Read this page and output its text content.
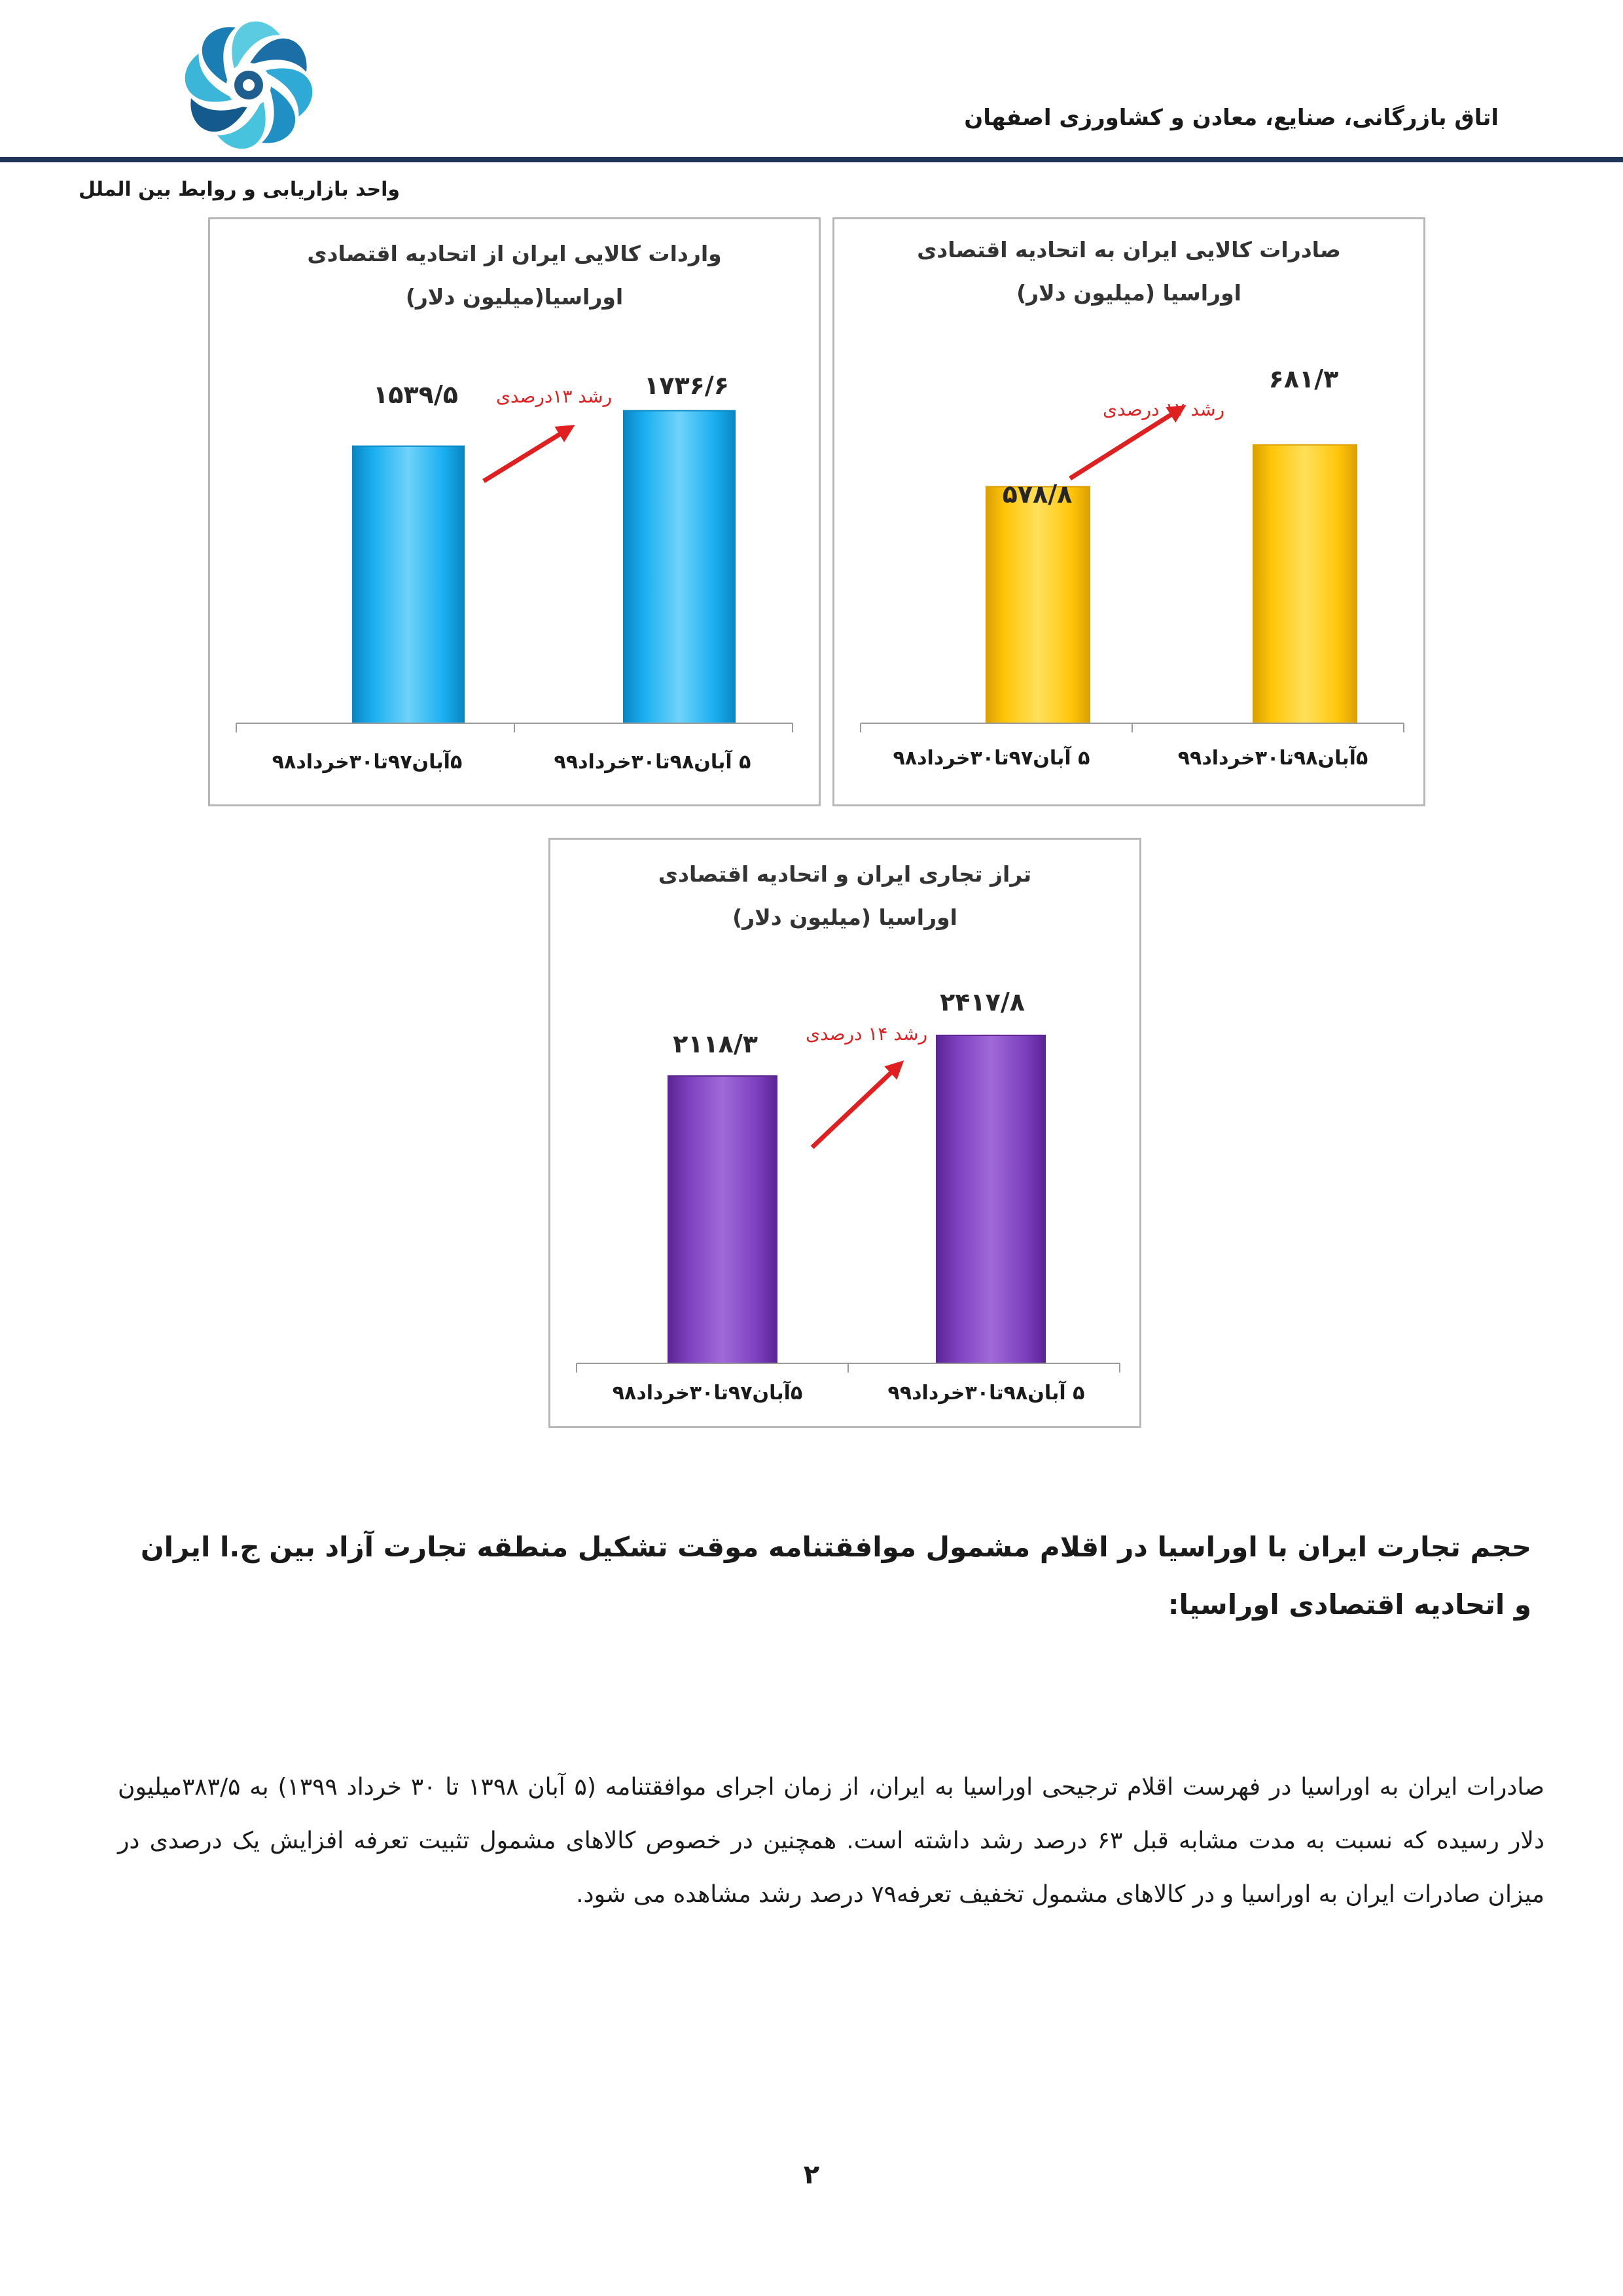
اتاق بازرگانی، صنایع، معادن و کشاورزی اصفهان
واحد بازاریابی و روابط بین الملل
واردات کالایی ایران از اتحادیه اقتصادی
اوراسیا(میلیون دلار)
۱۵۳۹/۵	۱۷۳۶/۶
رشد ۱۳درصدی
۵آبان۹۷تا۳۰خرداد۹۸	۵ آبان۹۸تا۳۰خرداد۹۹
صادرات کالایی ایران به اتحادیه اقتصادی
اوراسیا (میلیون دلار)
۵۷۸/۸
۶۸۱/۳
رشد ۱۷ درصدی
۵ آبان۹۷تا۳۰خرداد۹۸	۵آبان۹۸تا۳۰خرداد۹۹
تراز تجاری ایران و اتحادیه اقتصادی
اوراسیا (میلیون دلار)
۲۱۱۸/۳
۲۴۱۷/۸
رشد ۱۴ درصدی
۵آبان۹۷تا۳۰خرداد۹۸	۵ آبان۹۸تا۳۰خرداد۹۹
حجم تجارت ایران با اوراسیا در اقلام مشمول موافقتنامه موقت تشکیل منطقه تجارت آزاد بین ج.ا ایران و اتحادیه اقتصادی اوراسیا:
صادرات ایران به اوراسیا در فهرست اقلام ترجیحی اوراسیا به ایران، از زمان اجرای موافقتنامه (۵ آبان ۱۳۹۸ تا ۳۰ خرداد ۱۳۹۹) به ۳۸۳/۵میلیون دلار رسیده که نسبت به مدت مشابه قبل ۶۳ درصد رشد داشته است. همچنین در خصوص کالاهای مشمول تثبیت تعرفه افزایش یک درصدی در میزان صادرات ایران به اوراسیا و در کالاهای مشمول تخفیف تعرفه۷۹ درصد رشد مشاهده می شود.
۲
